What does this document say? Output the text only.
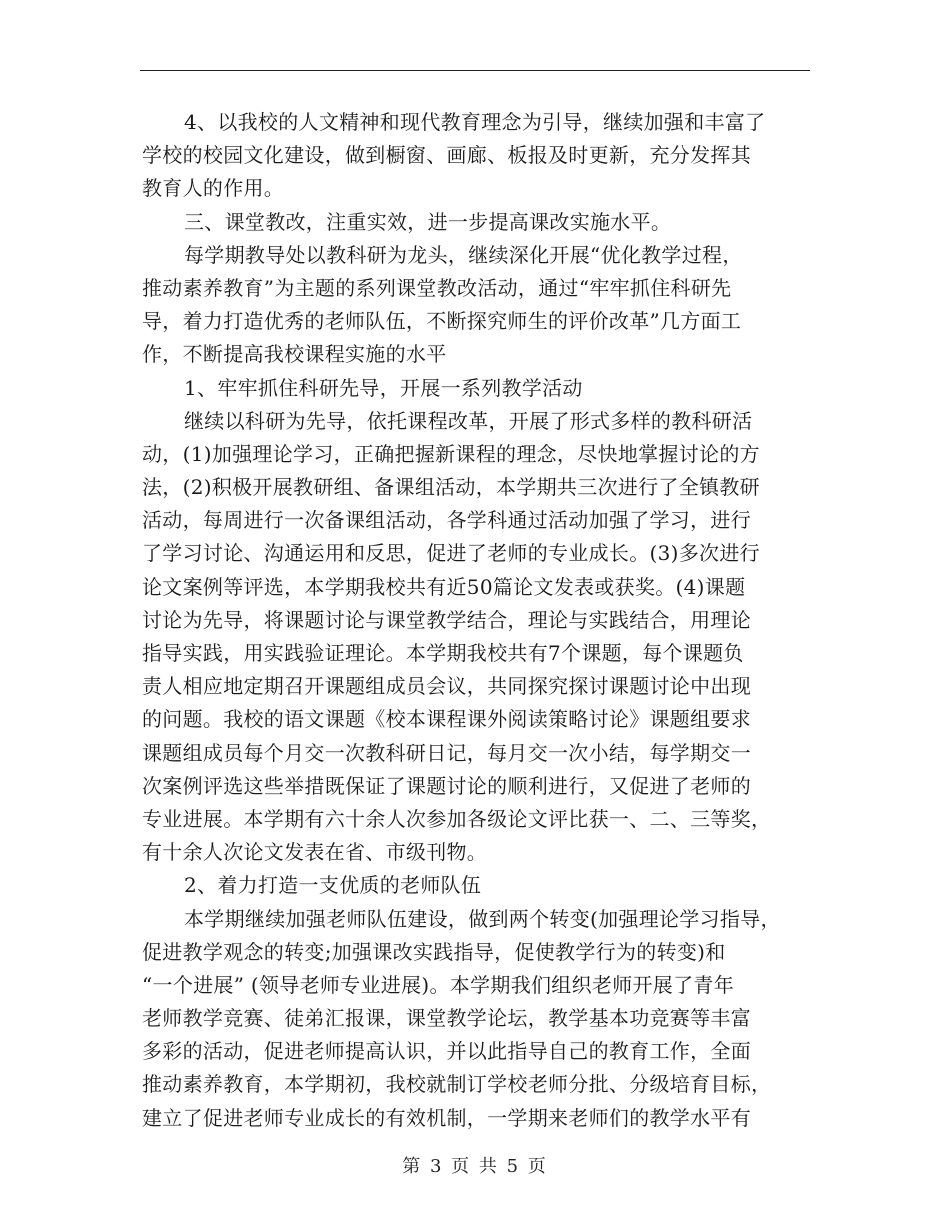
4、以我校的人文精神和现代教育理念为引导，继续加强和丰富了
学校的校园文化建设，做到橱窗、画廊、板报及时更新，充分发挥其
教育人的作用。
三、课堂教改，注重实效，进一步提高课改实施水平。
每学期教导处以教科研为龙头，继续深化开展“优化教学过程，
推动素养教育”为主题的系列课堂教改活动，通过“牢牢抓住科研先
导，着力打造优秀的老师队伍，不断探究师生的评价改革”几方面工
作，不断提高我校课程实施的水平
1、牢牢抓住科研先导，开展一系列教学活动
继续以科研为先导，依托课程改革，开展了形式多样的教科研活
动，(1)加强理论学习，正确把握新课程的理念，尽快地掌握讨论的方
法，(2)积极开展教研组、备课组活动，本学期共三次进行了全镇教研
活动，每周进行一次备课组活动，各学科通过活动加强了学习，进行
了学习讨论、沟通运用和反思，促进了老师的专业成长。(3)多次进行
论文案例等评选，本学期我校共有近50篇论文发表或获奖。(4)课题
讨论为先导，将课题讨论与课堂教学结合，理论与实践结合，用理论
指导实践，用实践验证理论。本学期我校共有7个课题，每个课题负
责人相应地定期召开课题组成员会议，共同探究探讨课题讨论中出现
的问题。我校的语文课题《校本课程课外阅读策略讨论》课题组要求
课题组成员每个月交一次教科研日记，每月交一次小结，每学期交一
次案例评选这些举措既保证了课题讨论的顺利进行，又促进了老师的
专业进展。本学期有六十余人次参加各级论文评比获一、二、三等奖，
有十余人次论文发表在省、市级刊物。
2、着力打造一支优质的老师队伍
本学期继续加强老师队伍建设，做到两个转变(加强理论学习指导，
促进教学观念的转变;加强课改实践指导，促使教学行为的转变)和
“一个进展” (领导老师专业进展)。本学期我们组织老师开展了青年
老师教学竞赛、徒弟汇报课，课堂教学论坛，教学基本功竞赛等丰富
多彩的活动，促进老师提高认识，并以此指导自己的教育工作，全面
推动素养教育，本学期初，我校就制订学校老师分批、分级培育目标，
建立了促进老师专业成长的有效机制，一学期来老师们的教学水平有
第 3 页 共 5 页
